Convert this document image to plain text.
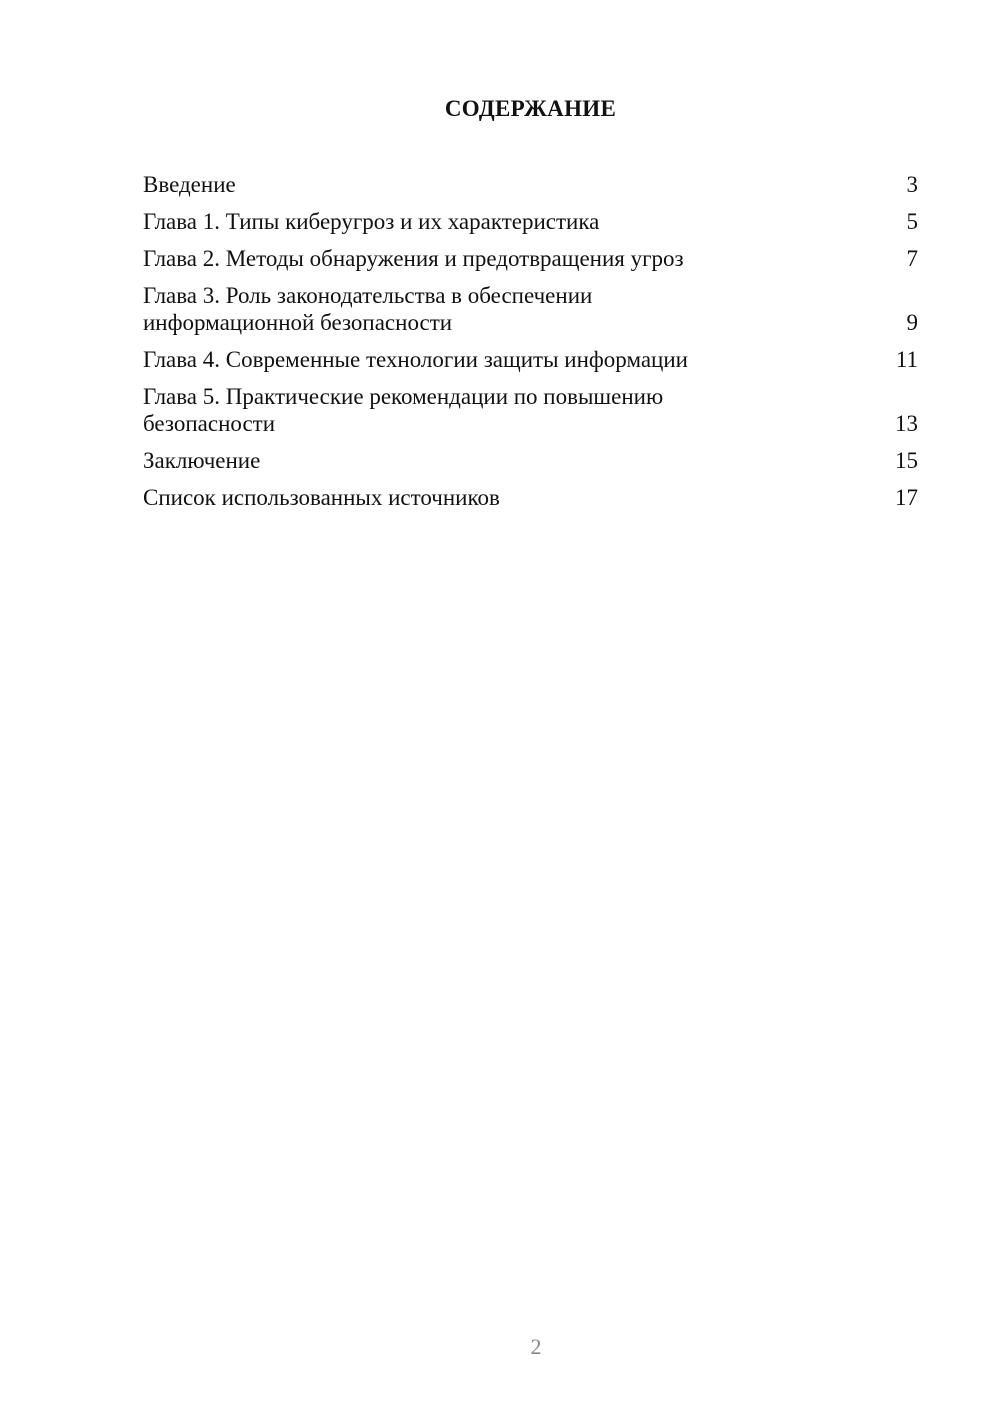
СОДЕРЖАНИЕ
Введение	3
Глава 1. Типы киберугроз и их характеристика	5
Глава 2. Методы обнаружения и предотвращения угроз	7
Глава 3. Роль законодательства в обеспечении информационной безопасности	9
Глава 4. Современные технологии защиты информации	11
Глава 5. Практические рекомендации по повышению безопасности	13
Заключение	15
Список использованных источников	17
2
